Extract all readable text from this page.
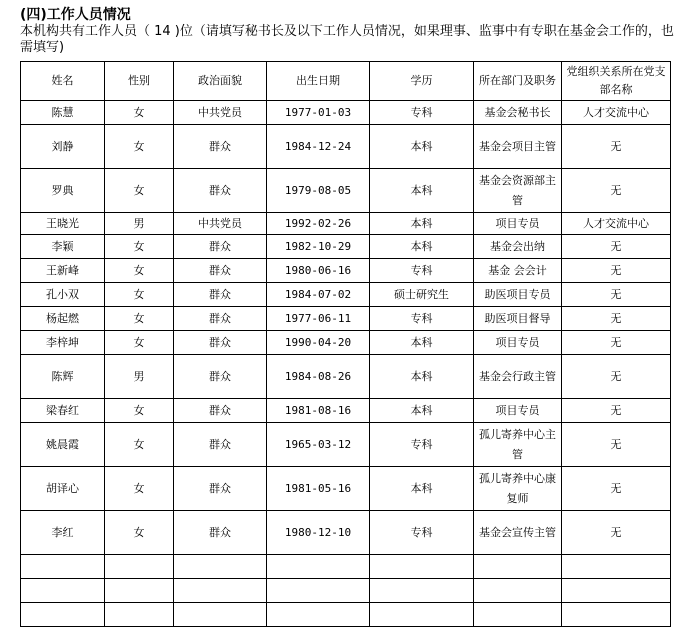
(四)工作人员情况
本机构共有工作人员（ 14 )位（请填写秘书长及以下工作人员情况，如果理事、监事中有专职在基金会工作的，也需填写)
姓名	性别	政治面貌	出生日期	学历	所在部门及职务	党组织关系所在党支部名称
陈慧	女	中共党员	1977-01-03	专科	基金会秘书长	人才交流中心
刘静	女	群众	1984-12-24	本科	基金会项目主管	无
罗典	女	群众	1979-08-05	本科	基金会资源部主管	无
王晓光	男	中共党员	1992-02-26	本科	项目专员	人才交流中心
李颖	女	群众	1982-10-29	本科	基金会出纳	无
王新峰	女	群众	1980-06-16	专科	基金 会会计	无
孔小双	女	群众	1984-07-02	硕士研究生	助医项目专员	无
杨起燃	女	群众	1977-06-11	专科	助医项目督导	无
李梓坤	女	群众	1990-04-20	本科	项目专员	无
陈辉	男	群众	1984-08-26	本科	基金会行政主管	无
梁春红	女	群众	1981-08-16	本科	项目专员	无
姚晨霞	女	群众	1965-03-12	专科	孤儿寄养中心主管	无
胡译心	女	群众	1981-05-16	本科	孤儿寄养中心康复师	无
李红	女	群众	1980-12-10	专科	基金会宣传主管	无
